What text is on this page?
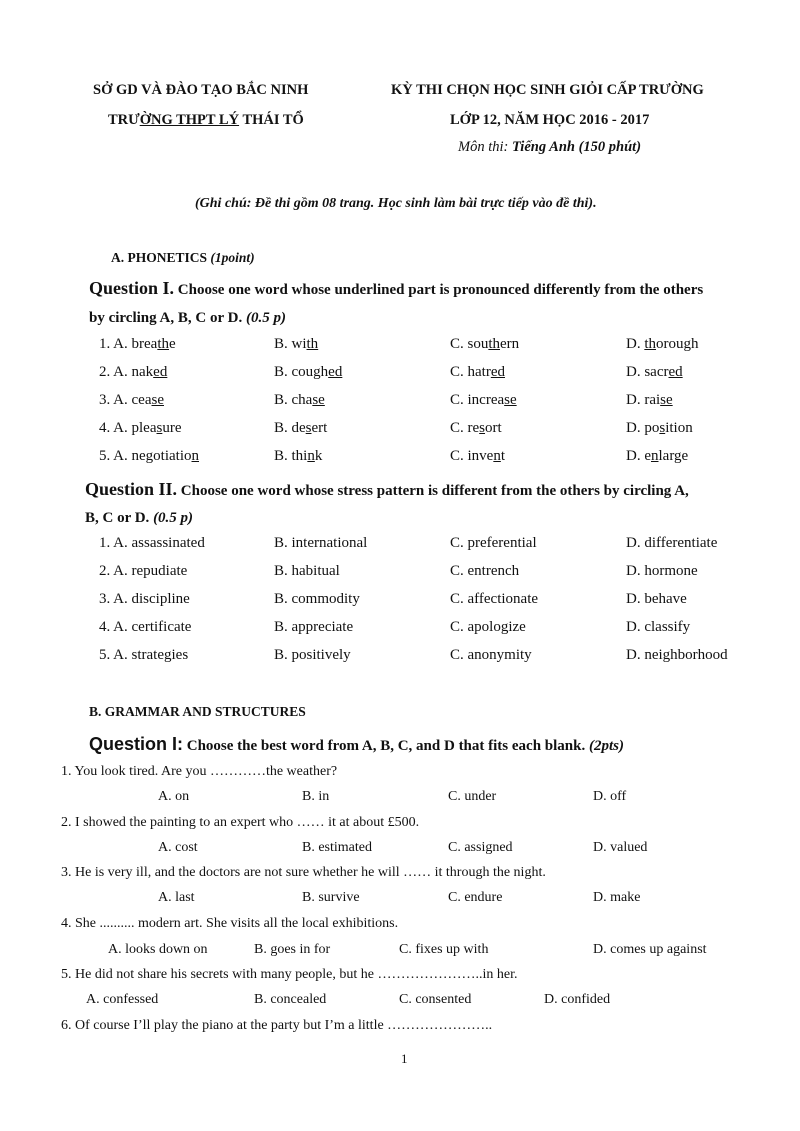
SỞ GD VÀ ĐÀO TẠO BẮC NINH
TRƯỜNG THPT LÝ THÁI TỔ
KỲ THI CHỌN HỌC SINH GIỎI CẤP TRƯỜNG
LỚP 12, NĂM HỌC 2016 - 2017
Môn thi: Tiếng Anh (150 phút)
(Ghi chú: Đề thi gồm 08 trang. Học sinh làm bài trực tiếp vào đề thi).
A. PHONETICS (1point)
Question I. Choose one word whose underlined part is pronounced differently from the others
by circling A, B, C or D. (0.5 p)
1. A. breathe	B. with	C. southern	D. thorough
2. A. naked	B. coughed	C. hatred	D. sacred
3. A. cease	B. chase	C. increase	D. raise
4. A. pleasure	B. desert	C. resort	D. position
5. A. negotiation	B. think	C. invent	D. enlarge
Question II. Choose one word whose stress pattern is different from the others by circling A,
B, C or D. (0.5 p)
1. A. assassinated	B. international	C. preferential	D. differentiate
2. A. repudiate	B. habitual	C. entrench	D. hormone
3. A. discipline	B. commodity	C. affectionate	D. behave
4. A. certificate	B. appreciate	C. apologize	D. classify
5. A. strategies	B. positively	C. anonymity	D. neighborhood
B. GRAMMAR AND STRUCTURES
Question I: Choose the best word from A, B, C, and D that fits each blank. (2pts)
1. You look tired. Are you …………the weather?
A. on	B. in	C. under	D. off
2. I showed the painting to an expert who …… it at about £500.
A. cost	B. estimated	C. assigned	D. valued
3. He is very ill, and the doctors are not sure whether he will …… it through the night.
A. last	B. survive	C. endure	D. make
4. She .......... modern art. She visits all the local exhibitions.
A. looks down on	B. goes in for	C. fixes up with	D. comes up against
5. He did not share his secrets with many people, but he …………………..in her.
A. confessed	B. concealed	C. consented	D. confided
6. Of course I’ll play the piano at the party but I’m a little …………………..
1
